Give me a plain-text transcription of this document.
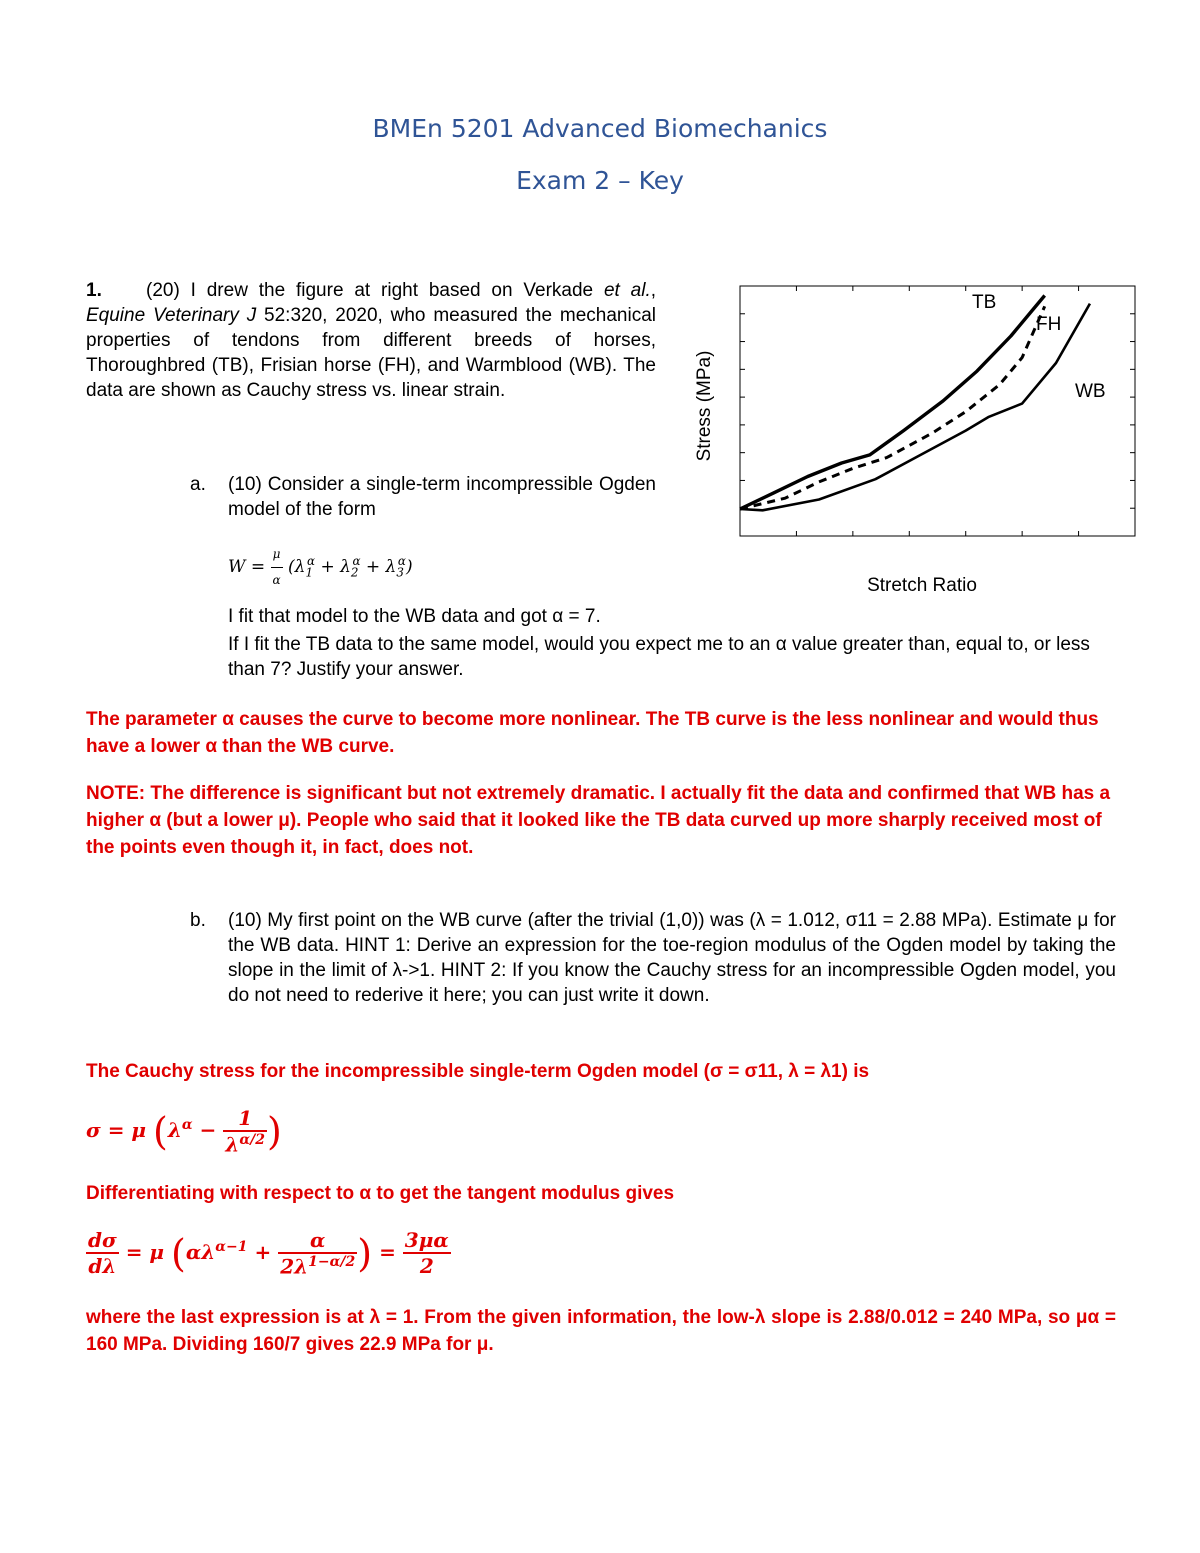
BMEn 5201 Advanced Biomechanics
Exam 2 – Key
1.	(20) I drew the figure at right based on Verkade et al., Equine Veterinary J 52:320, 2020, who measured the mechanical properties of tendons from different breeds of horses, Thoroughbred (TB), Frisian horse (FH), and Warmblood (WB). The data are shown as Cauchy stress vs. linear strain.
TB
FH
WB
Stretch Ratio
Stress (MPa)
a. (10) Consider a single-term incompressible Ogden model of the form
$W = \frac{\mu}{\alpha} (\lambda_1^\alpha + \lambda_2^\alpha + \lambda_3^\alpha)$
I fit that model to the WB data and got α = 7.
If I fit the TB data to the same model, would you expect me to an α value greater than, equal to, or less than 7? Justify your answer.
The parameter α causes the curve to become more nonlinear. The TB curve is the less nonlinear and would thus have a lower α than the WB curve.
NOTE: The difference is significant but not extremely dramatic. I actually fit the data and confirmed that WB has a higher α (but a lower μ). People who said that it looked like the TB data curved up more sharply received most of the points even though it, in fact, does not.
b. (10) My first point on the WB curve (after the trivial (1,0)) was (λ = 1.012, σ11 = 2.88 MPa). Estimate μ for the WB data. HINT 1: Derive an expression for the toe-region modulus of the Ogden model by taking the slope in the limit of λ->1. HINT 2: If you know the Cauchy stress for an incompressible Ogden model, you do not need to rederive it here; you can just write it down.
The Cauchy stress for the incompressible single-term Ogden model (σ = σ11, λ = λ1) is
σ = μ ($\lambda^\alpha - \frac{1}{\lambda^{\alpha/2}}$ )
Differentiating with respect to α to get the tangent modulus gives
$\frac{d\sigma}{d\lambda} = \mu$ ($\alpha\lambda^{\alpha-1} + \frac{\alpha}{2\lambda^{1-\alpha/2}}$ ) = $\frac{3\mu\alpha}{2}$
where the last expression is at λ = 1. From the given information, the low-λ slope is 2.88/0.012 = 240 MPa, so μα = 160 MPa. Dividing 160/7 gives 22.9 MPa for μ.
